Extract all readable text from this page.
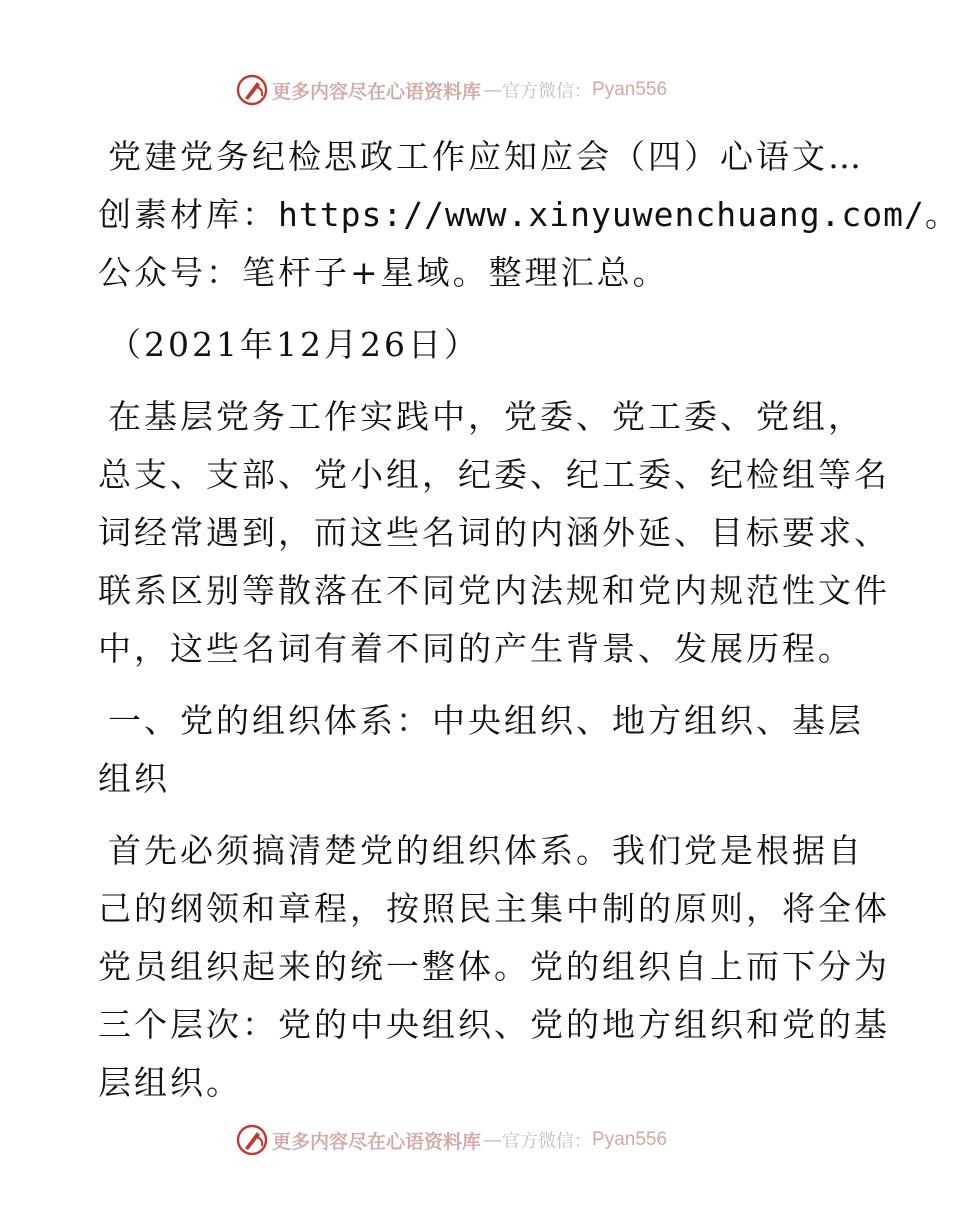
更多内容尽在心语资料库 — 官方微信： Pyan556

党建党务纪检思政工作应知应会（四）心语文…

创素材库：https://www.xinyuwenchuang.com/。

公众号：笔杆子+星域。整理汇总。

（2021年12月26日）

在基层党务工作实践中，党委、党工委、党组，

总支、支部、党小组，纪委、纪工委、纪检组等名

词经常遇到，而这些名词的内涵外延、目标要求、

联系区别等散落在不同党内法规和党内规范性文件

中，这些名词有着不同的产生背景、发展历程。

一、党的组织体系：中央组织、地方组织、基层

组织

首先必须搞清楚党的组织体系。我们党是根据自

己的纲领和章程，按照民主集中制的原则，将全体

党员组织起来的统一整体。党的组织自上而下分为

三个层次：党的中央组织、党的地方组织和党的基

层组织。

更多内容尽在心语资料库 — 官方微信： Pyan556
